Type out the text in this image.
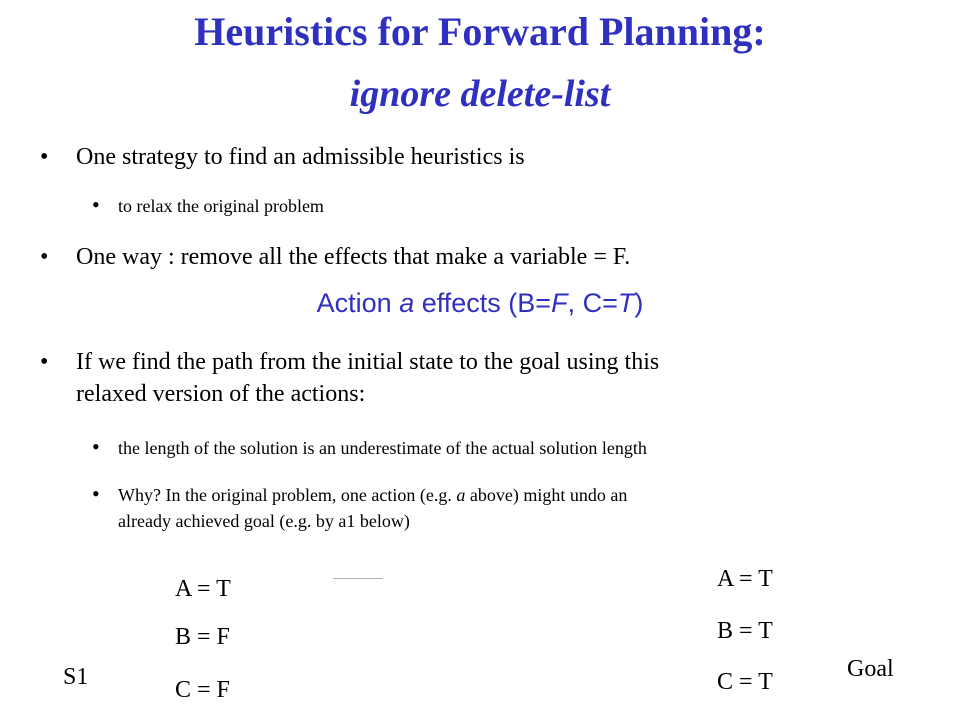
Heuristics for Forward Planning:
ignore delete-list
• One strategy to find an admissible heuristics is
• to relax the original problem
• One way : remove all the effects that make a variable = F.
Action a effects (B=F, C=T)
• If we find the path from the initial state to the goal using this
relaxed version of the actions:
• the length of the solution is an underestimate of the actual solution length
• Why? In the original problem, one action (e.g. a above) might undo an
already achieved goal (e.g. by a1 below)
A = T
B = F
C = F
S1
A = T
B = T
C = T	Goal
